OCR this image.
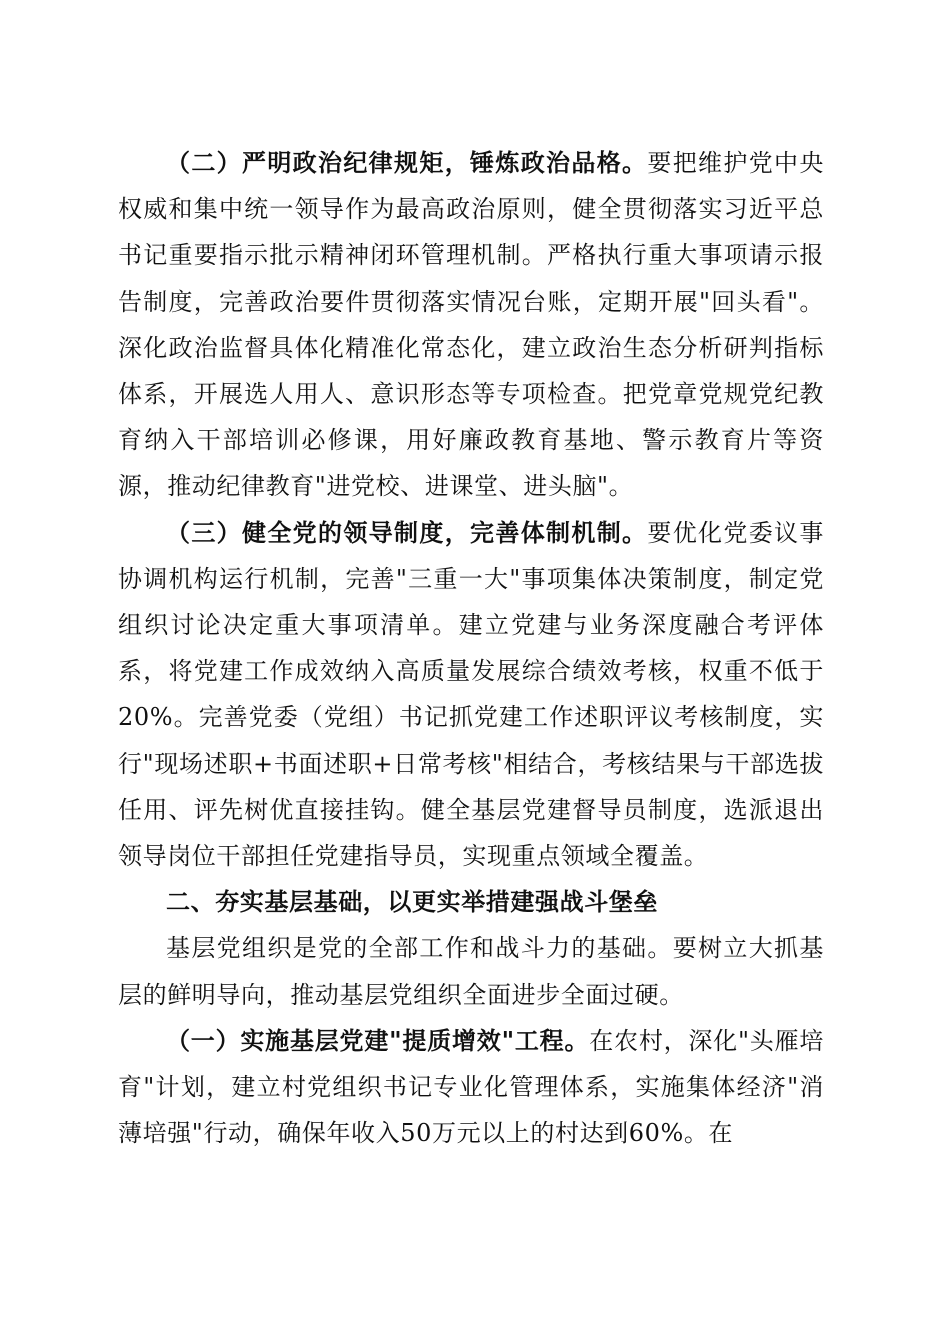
（二）严明政治纪律规矩，锤炼政治品格。要把维护党中央权威和集中统一领导作为最高政治原则，健全贯彻落实习近平总书记重要指示批示精神闭环管理机制。严格执行重大事项请示报告制度，完善政治要件贯彻落实情况台账，定期开展"回头看"。深化政治监督具体化精准化常态化，建立政治生态分析研判指标体系，开展选人用人、意识形态等专项检查。把党章党规党纪教育纳入干部培训必修课，用好廉政教育基地、警示教育片等资源，推动纪律教育"进党校、进课堂、进头脑"。

（三）健全党的领导制度，完善体制机制。要优化党委议事协调机构运行机制，完善"三重一大"事项集体决策制度，制定党组织讨论决定重大事项清单。建立党建与业务深度融合考评体系，将党建工作成效纳入高质量发展综合绩效考核，权重不低于20%。完善党委（党组）书记抓党建工作述职评议考核制度，实行"现场述职+书面述职+日常考核"相结合，考核结果与干部选拔任用、评先树优直接挂钩。健全基层党建督导员制度，选派退出领导岗位干部担任党建指导员，实现重点领域全覆盖。

二、夯实基层基础，以更实举措建强战斗堡垒

基层党组织是党的全部工作和战斗力的基础。要树立大抓基层的鲜明导向，推动基层党组织全面进步全面过硬。

（一）实施基层党建"提质增效"工程。在农村，深化"头雁培育"计划，建立村党组织书记专业化管理体系，实施集体经济"消薄培强"行动，确保年收入50万元以上的村达到60%。在
